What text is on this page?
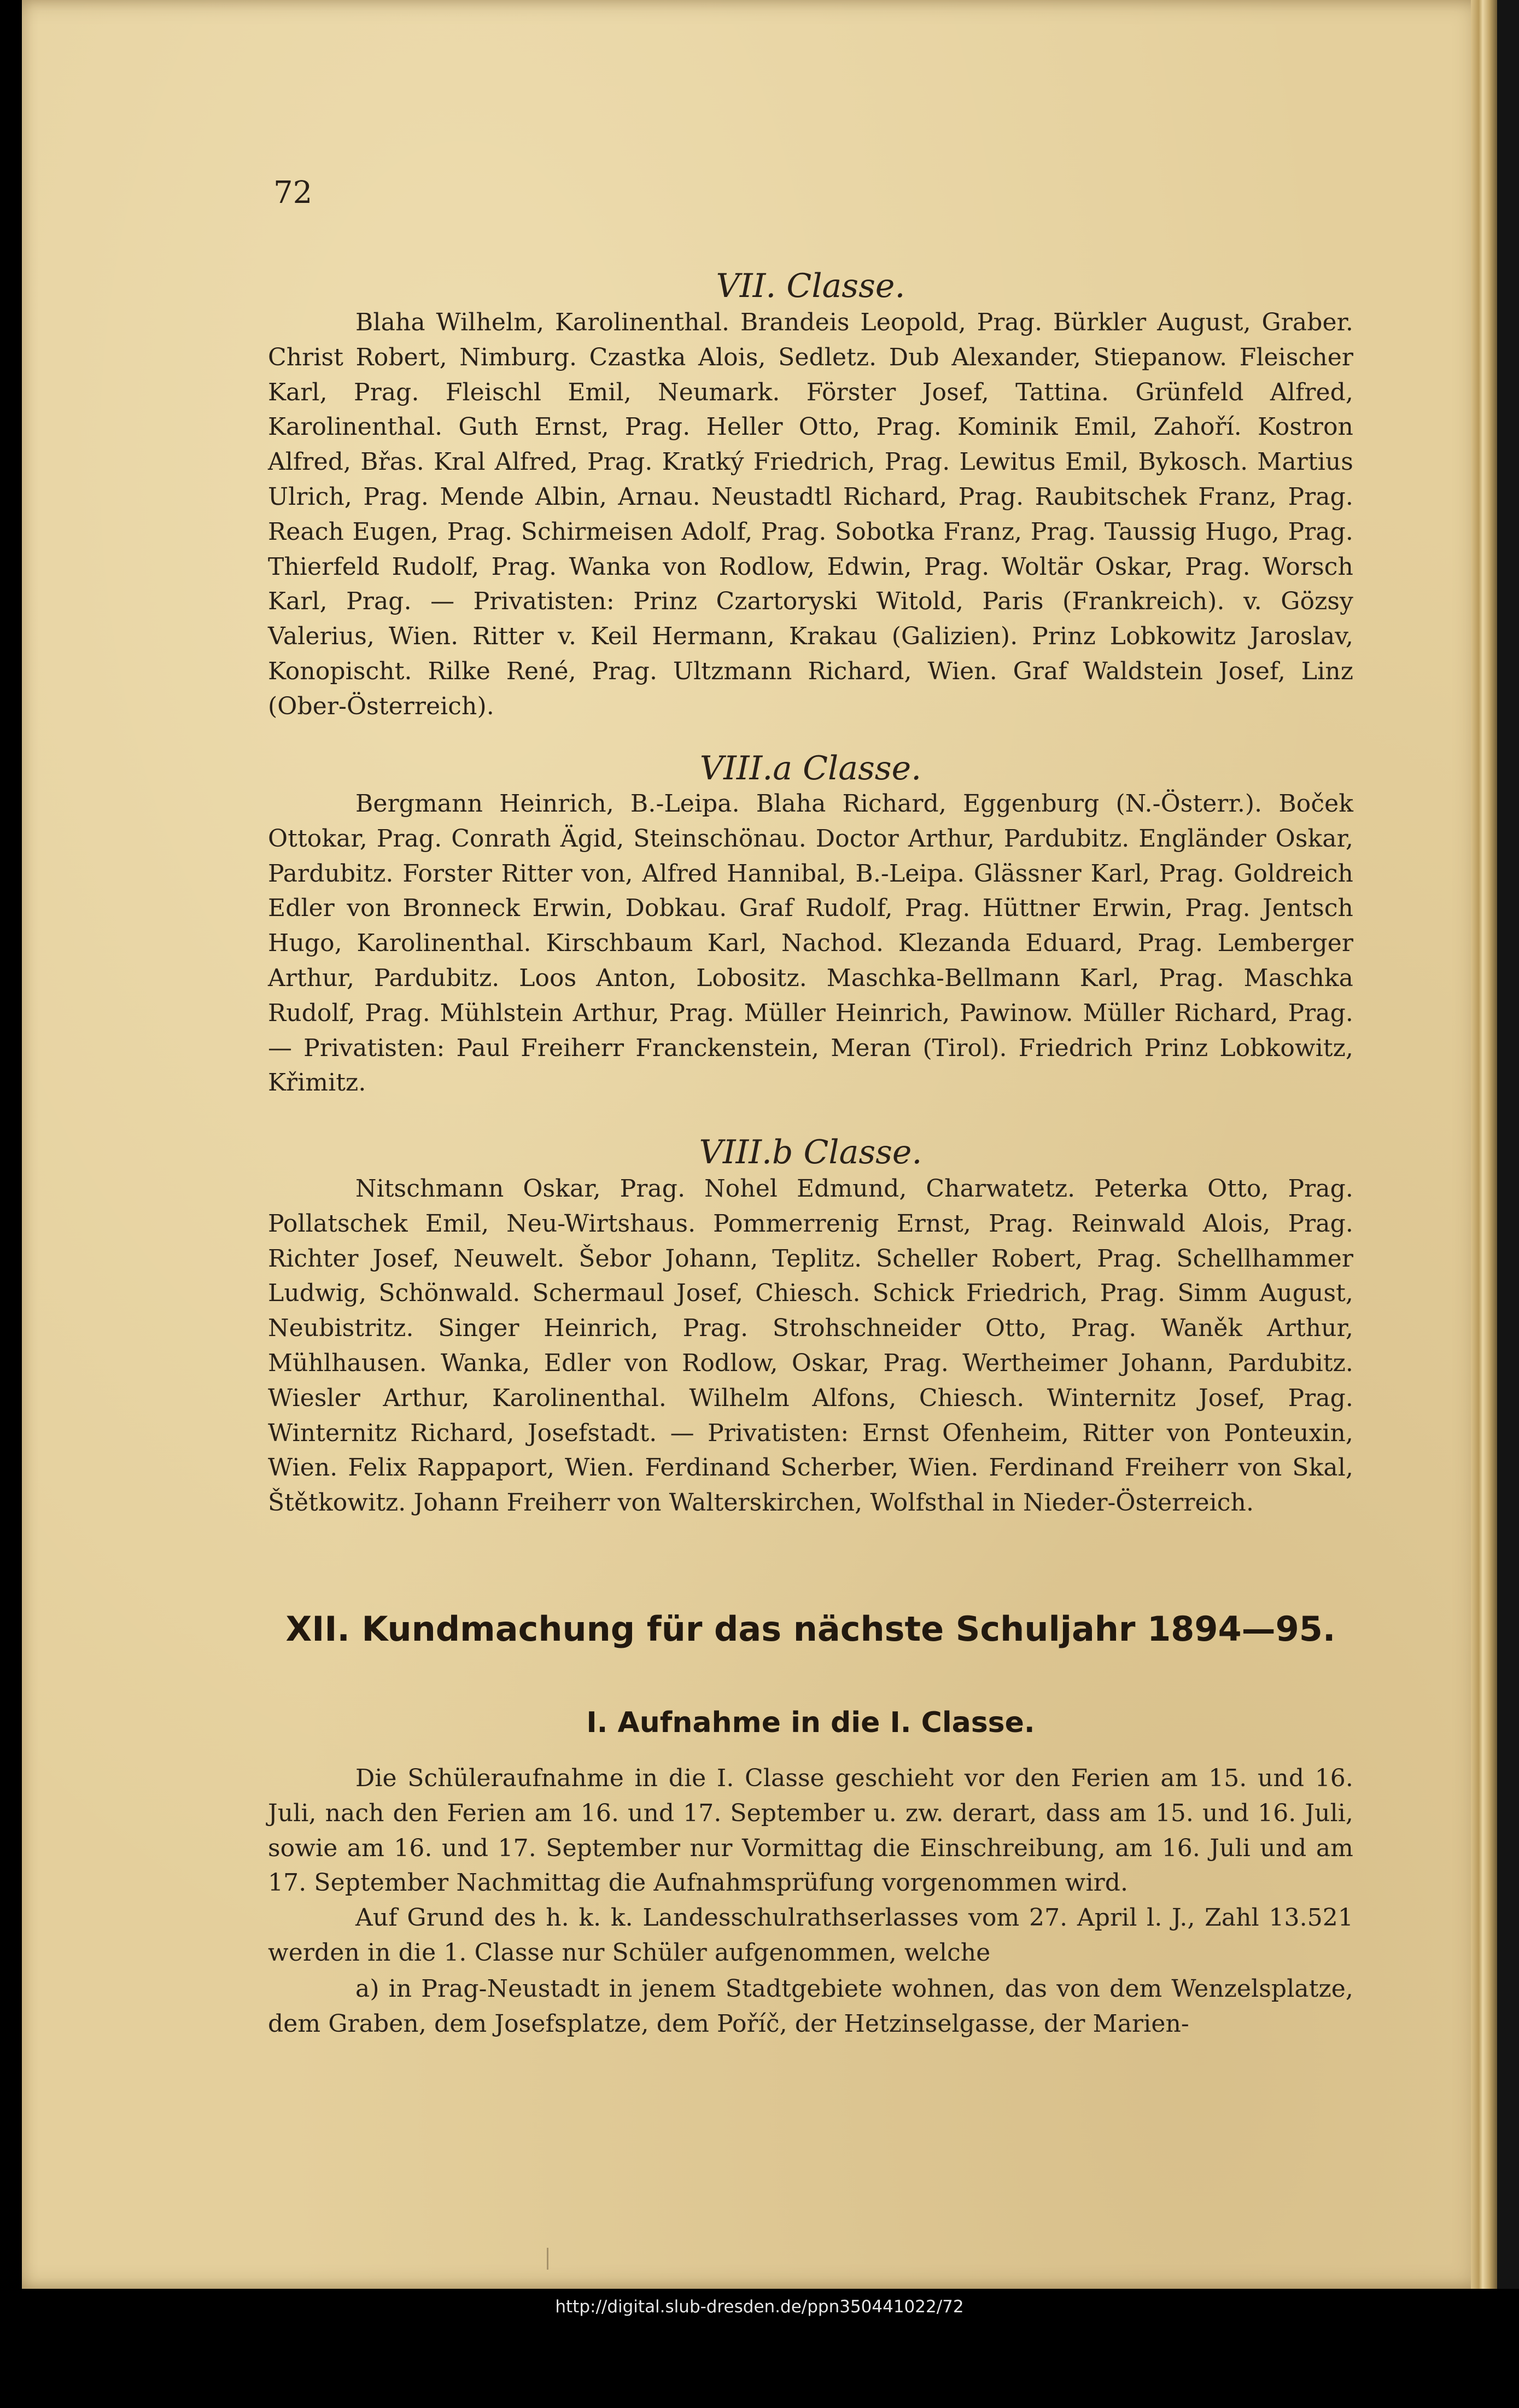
72
VII. Classe.
Blaha Wilhelm, Karolinenthal. Brandeis Leopold, Prag. Bürkler August, Graber. Christ Robert, Nimburg. Czastka Alois, Sedletz. Dub Alexander, Stiepanow. Fleischer Karl, Prag. Fleischl Emil, Neumark. Förster Josef, Tattina. Grünfeld Alfred, Karolinenthal. Guth Ernst, Prag. Heller Otto, Prag. Kominik Emil, Zahoří. Kostron Alfred, Břas. Kral Alfred, Prag. Kratký Friedrich, Prag. Lewitus Emil, Bykosch. Martius Ulrich, Prag. Mende Albin, Arnau. Neustadtl Richard, Prag. Raubitschek Franz, Prag. Reach Eugen, Prag. Schirmeisen Adolf, Prag. Sobotka Franz, Prag. Taussig Hugo, Prag. Thierfeld Rudolf, Prag. Wanka von Rodlow, Edwin, Prag. Woltär Oskar, Prag. Worsch Karl, Prag. — Privatisten: Prinz Czartoryski Witold, Paris (Frankreich). v. Gözsy Valerius, Wien. Ritter v. Keil Hermann, Krakau (Galizien). Prinz Lobkowitz Jaroslav, Konopischt. Rilke René, Prag. Ultzmann Richard, Wien. Graf Waldstein Josef, Linz (Ober-Österreich).
VIII.a Classe.
Bergmann Heinrich, B.-Leipa. Blaha Richard, Eggenburg (N.-Österr.). Boček Ottokar, Prag. Conrath Ägid, Steinschönau. Doctor Arthur, Pardubitz. Engländer Oskar, Pardubitz. Forster Ritter von, Alfred Hannibal, B.-Leipa. Glässner Karl, Prag. Goldreich Edler von Bronneck Erwin, Dobkau. Graf Rudolf, Prag. Hüttner Erwin, Prag. Jentsch Hugo, Karolinenthal. Kirschbaum Karl, Nachod. Klezanda Eduard, Prag. Lemberger Arthur, Pardubitz. Loos Anton, Lobositz. Maschka-Bellmann Karl, Prag. Maschka Rudolf, Prag. Mühlstein Arthur, Prag. Müller Heinrich, Pawinow. Müller Richard, Prag. — Privatisten: Paul Freiherr Franckenstein, Meran (Tirol). Friedrich Prinz Lobkowitz, Křimitz.
VIII.b Classe.
Nitschmann Oskar, Prag. Nohel Edmund, Charwatetz. Peterka Otto, Prag. Pollatschek Emil, Neu-Wirtshaus. Pommerrenig Ernst, Prag. Reinwald Alois, Prag. Richter Josef, Neuwelt. Šebor Johann, Teplitz. Scheller Robert, Prag. Schellhammer Ludwig, Schönwald. Schermaul Josef, Chiesch. Schick Friedrich, Prag. Simm August, Neubistritz. Singer Heinrich, Prag. Strohschneider Otto, Prag. Waněk Arthur, Mühlhausen. Wanka, Edler von Rodlow, Oskar, Prag. Wertheimer Johann, Pardubitz. Wiesler Arthur, Karolinenthal. Wilhelm Alfons, Chiesch. Winternitz Josef, Prag. Winternitz Richard, Josefstadt. — Privatisten: Ernst Ofenheim, Ritter von Ponteuxin, Wien. Felix Rappaport, Wien. Ferdinand Scherber, Wien. Ferdinand Freiherr von Skal, Štětkowitz. Johann Freiherr von Walterskirchen, Wolfsthal in Nieder-Österreich.
XII. Kundmachung für das nächste Schuljahr 1894—95.
I. Aufnahme in die I. Classe.
Die Schüleraufnahme in die I. Classe geschieht vor den Ferien am 15. und 16. Juli, nach den Ferien am 16. und 17. September u. zw. derart, dass am 15. und 16. Juli, sowie am 16. und 17. September nur Vormittag die Einschreibung, am 16. Juli und am 17. September Nachmittag die Aufnahmsprüfung vorgenommen wird.
Auf Grund des h. k. k. Landesschulrathserlasses vom 27. April l. J., Zahl 13.521 werden in die 1. Classe nur Schüler aufgenommen, welche
a) in Prag-Neustadt in jenem Stadtgebiete wohnen, das von dem Wenzelsplatze, dem Graben, dem Josefsplatze, dem Poříč, der Hetzinselgasse, der Marien-
http://digital.slub-dresden.de/ppn350441022/72
